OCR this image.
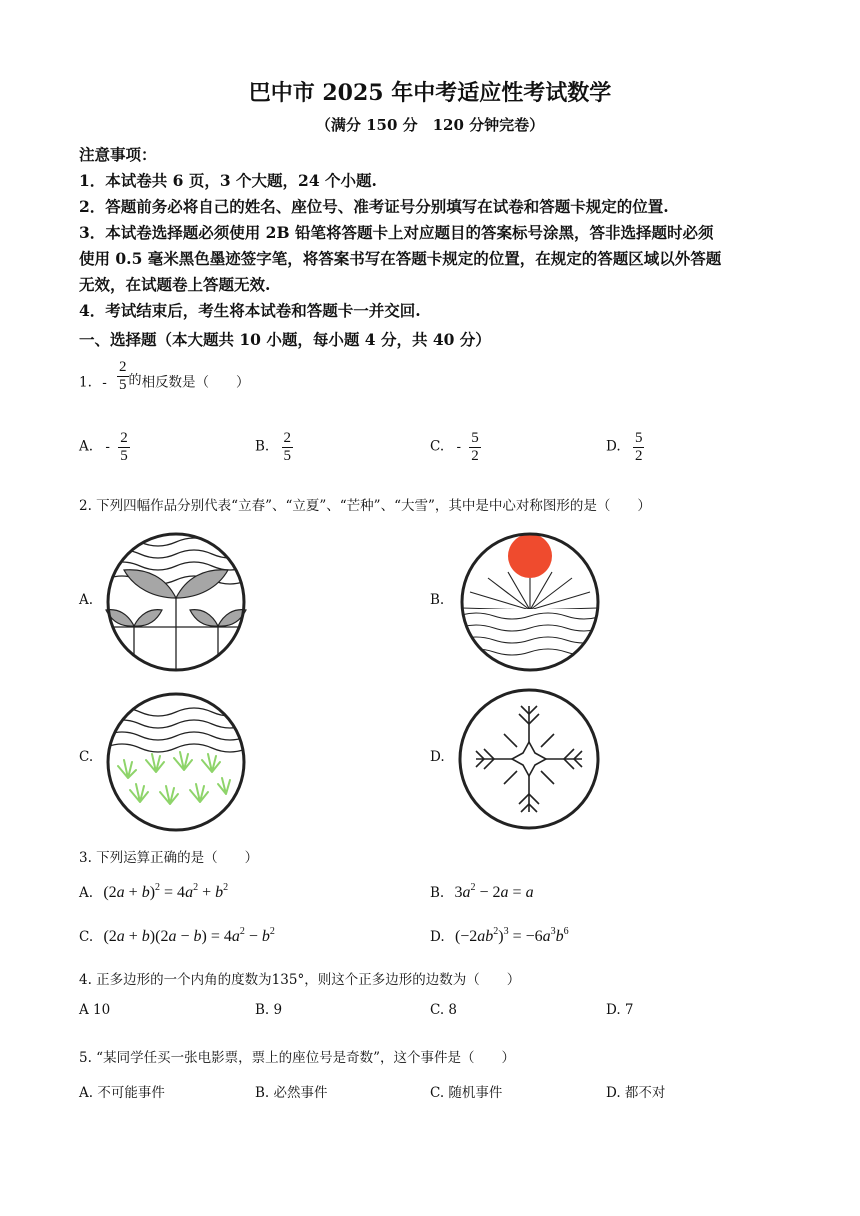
巴中市 2025 年中考适应性考试数学
（满分 150 分　120 分钟完卷）
注意事项：
1．本试卷共 6 页，3 个大题，24 个小题.
2．答题前务必将自己的姓名、座位号、准考证号分别填写在试卷和答题卡规定的位置.
3．本试卷选择题必须使用 2B 铅笔将答题卡上对应题目的答案标号涂黑，答非选择题时必须
使用 0.5 毫米黑色墨迹签字笔，将答案书写在答题卡规定的位置，在规定的答题区域以外答题
无效，在试题卷上答题无效.
4．考试结束后，考生将本试卷和答题卡一并交回.
一、选择题（本大题共 10 小题，每小题 4 分，共 40 分）
1. - $\frac{2}{5}$ 的相反数是（　　）
A. - $\frac{2}{5}$	B. $\frac{2}{5}$	C. - $\frac{5}{2}$	D. $\frac{5}{2}$
2. 下列四幅作品分别代表“立春”、“立夏”、“芒种”、“大雪”，其中是中心对称图形的是（　　）
A.	B.
C.	D.
3. 下列运算正确的是（　　）
A. $(2a + b)^2 = 4a^2 + b^2$	B. $3a^2 - 2a = a$
C. $(2a + b)(2a - b) = 4a^2 - b^2$	D. $(-2ab^2)^3 = -6a^3b^6$
4. 正多边形的一个内角的度数为135°，则这个正多边形的边数为（　　）
A 10	B. 9	C. 8	D. 7
5. “某同学任买一张电影票，票上的座位号是奇数”，这个事件是（　　）
A. 不可能事件	B. 必然事件	C. 随机事件	D. 都不对
